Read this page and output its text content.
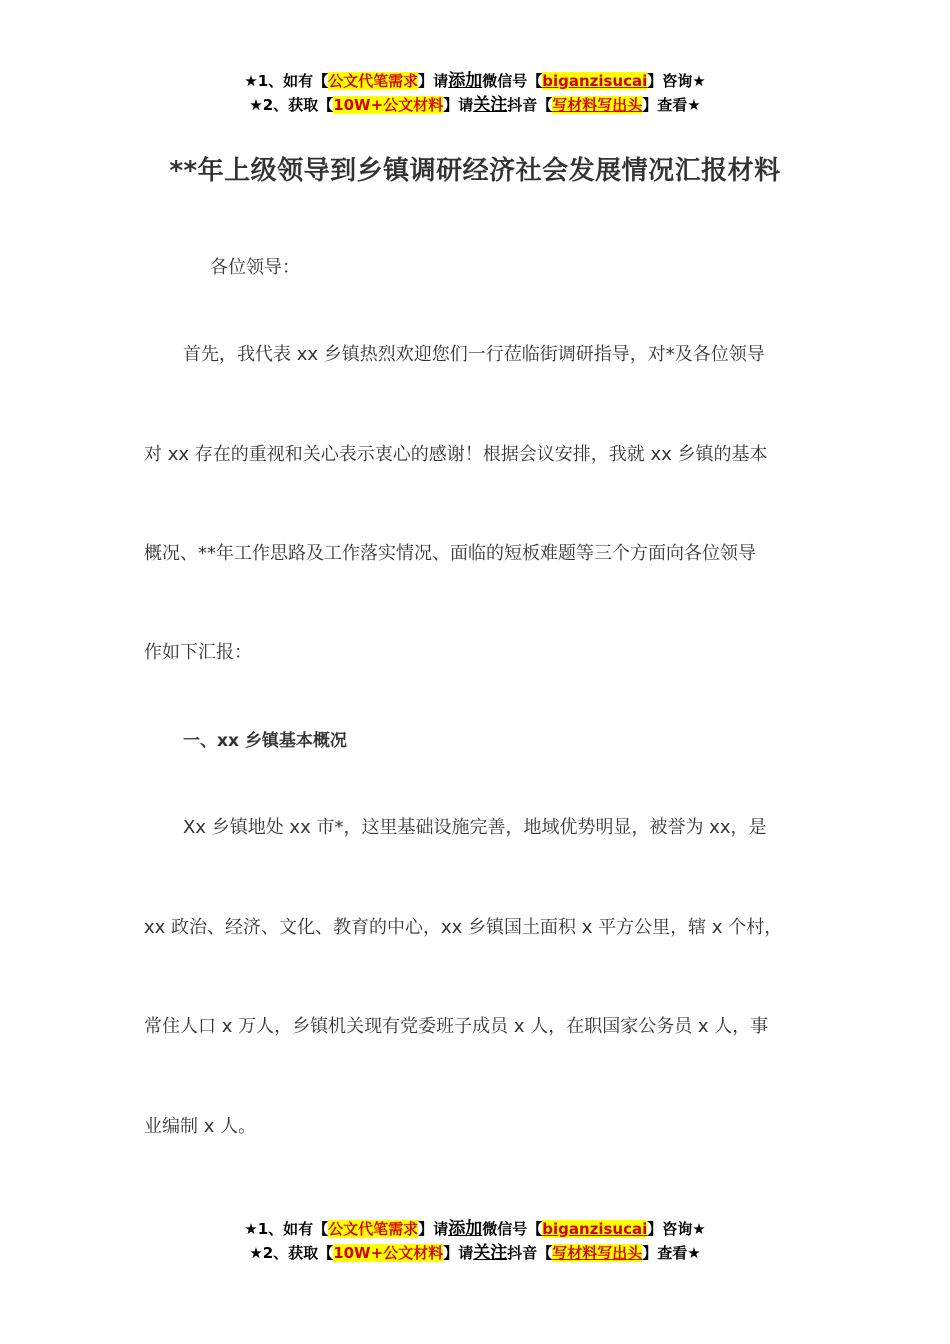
★1、如有【公文代笔需求】请添加微信号【biganzisucai】咨询★
★2、获取【10W+公文材料】请关注抖音【写材料写出头】查看★
**年上级领导到乡镇调研经济社会发展情况汇报材料
各位领导：
首先，我代表 xx 乡镇热烈欢迎您们一行莅临街调研指导，对*及各位领导
对 xx 存在的重视和关心表示衷心的感谢！根据会议安排，我就 xx 乡镇的基本
概况、**年工作思路及工作落实情况、面临的短板难题等三个方面向各位领导
作如下汇报：
一、xx 乡镇基本概况
Xx 乡镇地处 xx 市*，这里基础设施完善，地域优势明显，被誉为 xx，是
xx 政治、经济、文化、教育的中心，xx 乡镇国土面积 x 平方公里，辖 x 个村，
常住人口 x 万人，乡镇机关现有党委班子成员 x 人，在职国家公务员 x 人，事
业编制 x 人。
★1、如有【公文代笔需求】请添加微信号【biganzisucai】咨询★
★2、获取【10W+公文材料】请关注抖音【写材料写出头】查看★
